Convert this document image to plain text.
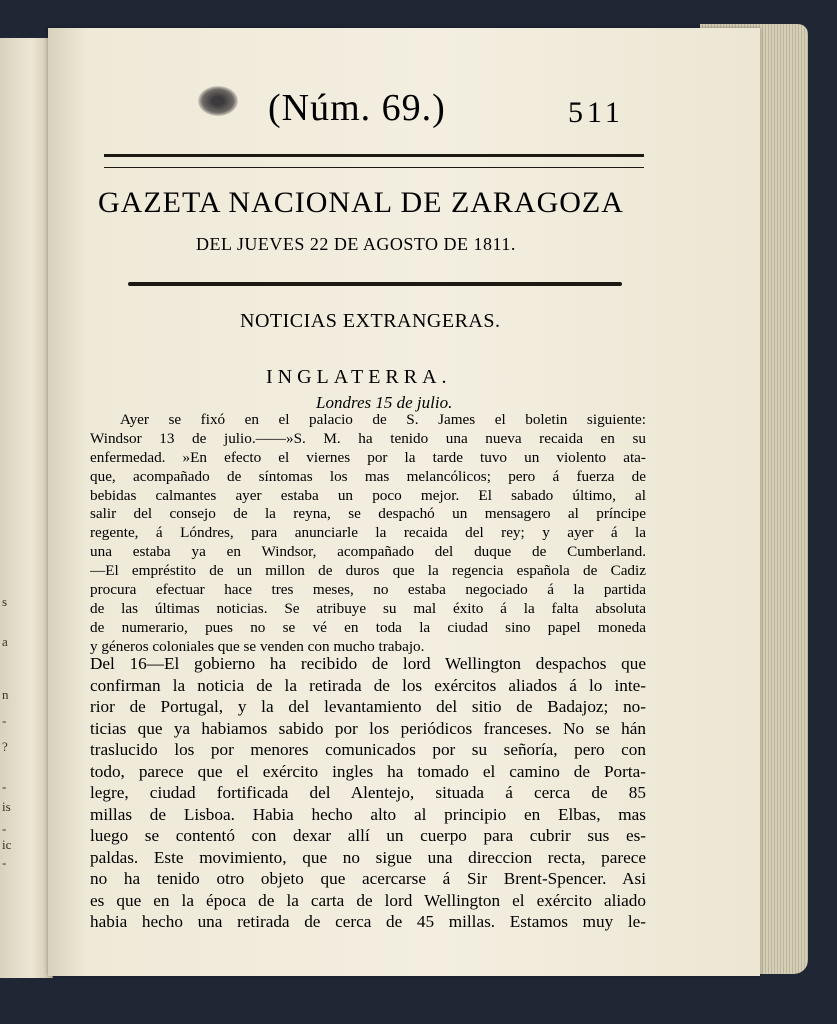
s
a
n
-
?
-
is
-
ic
-
(Núm. 69.)	511
GAZETA NACIONAL DE ZARAGOZA
DEL JUEVES 22 DE AGOSTO DE 1811.
NOTICIAS EXTRANGERAS.
INGLATERRA.
Londres 15 de julio.
Ayer se fixó en el palacio de S. James el boletin siguiente:
Windsor 13 de julio.——»S. M. ha tenido una nueva recaida en su
enfermedad. »En efecto el viernes por la tarde tuvo un violento ata-
que, acompañado de síntomas los mas melancólicos; pero á fuerza de
bebidas calmantes ayer estaba un poco mejor. El sabado último, al
salir del consejo de la reyna, se despachó un mensagero al príncipe
regente, á Lóndres, para anunciarle la recaida del rey; y ayer á la
una estaba ya en Windsor, acompañado del duque de Cumberland.
—El empréstito de un millon de duros que la regencia española de Cadiz
procura efectuar hace tres meses, no estaba negociado á la partida
de las últimas noticias. Se atribuye su mal éxito á la falta absoluta
de numerario, pues no se vé en toda la ciudad sino papel moneda
y géneros coloniales que se venden con mucho trabajo.
Del 16—El gobierno ha recibido de lord Wellington despachos que
confirman la noticia de la retirada de los exércitos aliados á lo inte-
rior de Portugal, y la del levantamiento del sitio de Badajoz; no-
ticias que ya habiamos sabido por los periódicos franceses. No se hán
traslucido los por menores comunicados por su señoría, pero con
todo, parece que el exército ingles ha tomado el camino de Porta-
legre, ciudad fortificada del Alentejo, situada á cerca de 85
millas de Lisboa. Habia hecho alto al principio en Elbas, mas
luego se contentó con dexar allí un cuerpo para cubrir sus es-
paldas. Este movimiento, que no sigue una direccion recta, parece
no ha tenido otro objeto que acercarse á Sir Brent-Spencer. Asi
es que en la época de la carta de lord Wellington el exército aliado
habia hecho una retirada de cerca de 45 millas. Estamos muy le-
